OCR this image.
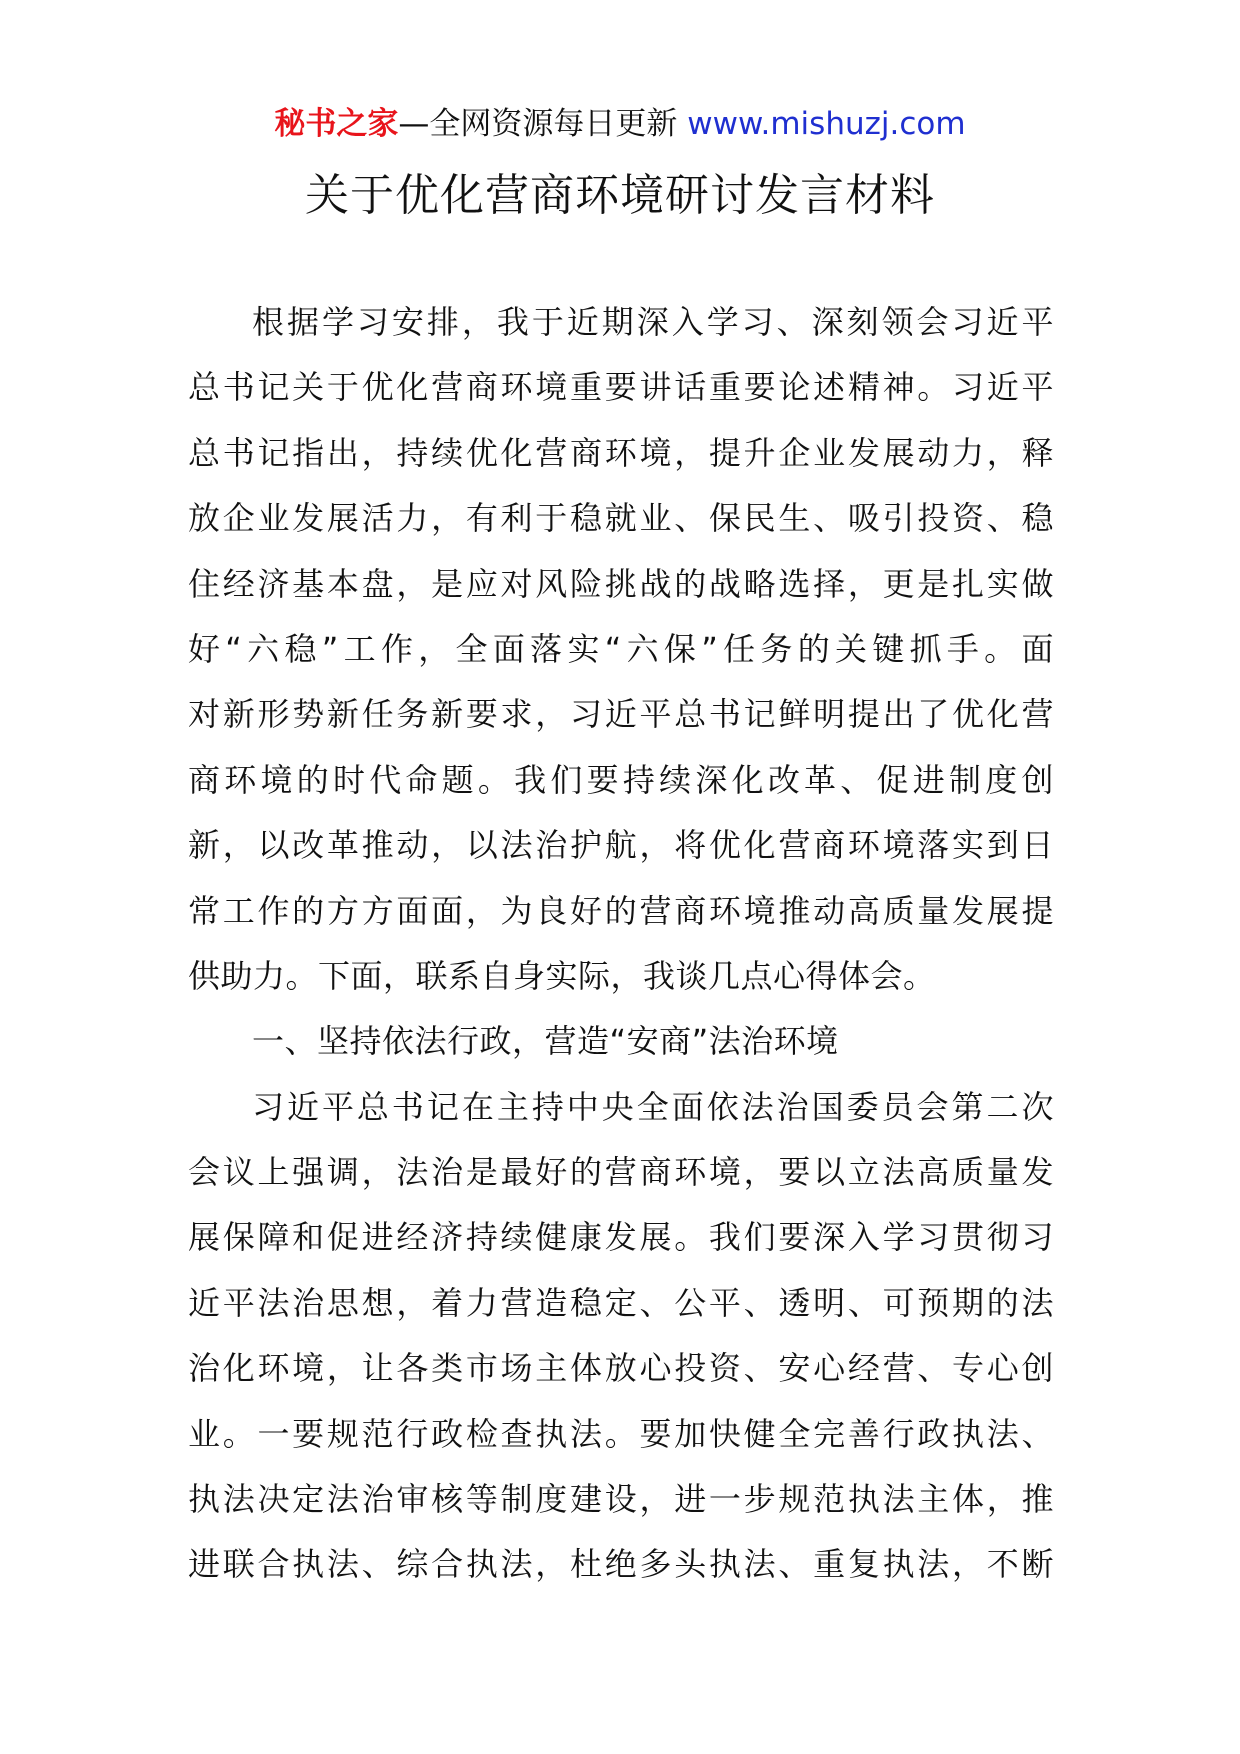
秘书之家—全网资源每日更新 www.mishuzj.com
关于优化营商环境研讨发言材料
根据学习安排，我于近期深入学习、深刻领会习近平
总书记关于优化营商环境重要讲话重要论述精神。习近平
总书记指出，持续优化营商环境，提升企业发展动力，释
放企业发展活力，有利于稳就业、保民生、吸引投资、稳
住经济基本盘，是应对风险挑战的战略选择，更是扎实做
好“六稳”工作，全面落实“六保”任务的关键抓手。面
对新形势新任务新要求，习近平总书记鲜明提出了优化营
商环境的时代命题。我们要持续深化改革、促进制度创
新，以改革推动，以法治护航，将优化营商环境落实到日
常工作的方方面面，为良好的营商环境推动高质量发展提
供助力。下面，联系自身实际，我谈几点心得体会。
一、坚持依法行政，营造“安商”法治环境
习近平总书记在主持中央全面依法治国委员会第二次
会议上强调，法治是最好的营商环境，要以立法高质量发
展保障和促进经济持续健康发展。我们要深入学习贯彻习
近平法治思想，着力营造稳定、公平、透明、可预期的法
治化环境，让各类市场主体放心投资、安心经营、专心创
业。一要规范行政检查执法。要加快健全完善行政执法、
执法决定法治审核等制度建设，进一步规范执法主体，推
进联合执法、综合执法，杜绝多头执法、重复执法，不断
